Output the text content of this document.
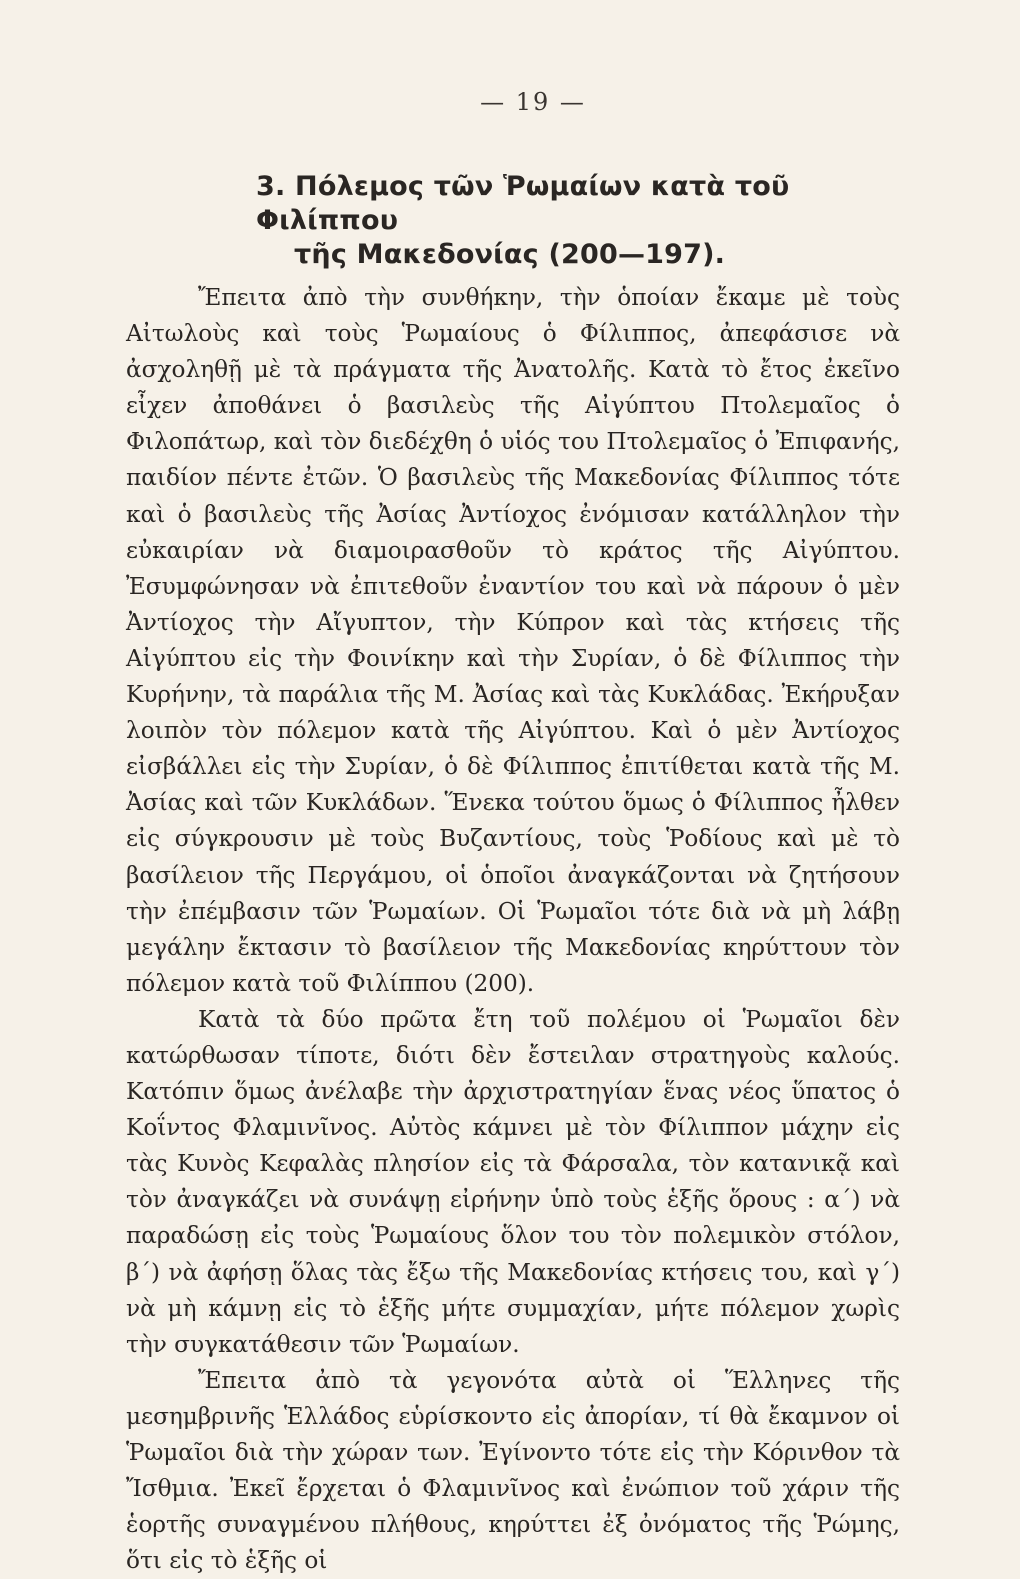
— 19 —
3. Πόλεμος τῶν Ῥωμαίων κατὰ τοῦ Φιλίππου
τῆς Μακεδονίας (200—197).

Ἔπειτα ἀπὸ τὴν συνθήκην, τὴν ὁποίαν ἔκαμε μὲ τοὺς Αἰτωλοὺς καὶ τοὺς Ῥωμαίους ὁ Φίλιππος, ἀπεφάσισε νὰ ἀσχοληθῇ μὲ τὰ πράγματα τῆς Ἀνατολῆς. Κατὰ τὸ ἔτος ἐκεῖνο εἶχεν ἀποθάνει ὁ βασιλεὺς τῆς Αἰγύπτου Πτολεμαῖος ὁ Φιλοπάτωρ, καὶ τὸν διεδέχθη ὁ υἱός του Πτολεμαῖος ὁ Ἐπιφανής, παιδίον πέντε ἐτῶν. Ὁ βασιλεὺς τῆς Μακεδονίας Φίλιππος τότε καὶ ὁ βασιλεὺς τῆς Ἀσίας Ἀντίοχος ἐνόμισαν κατάλληλον τὴν εὐκαιρίαν νὰ διαμοιρασθοῦν τὸ κράτος τῆς Αἰγύπτου. Ἐσυμφώνησαν νὰ ἐπιτεθοῦν ἐναντίον του καὶ νὰ πάρουν ὁ μὲν Ἀντίοχος τὴν Αἴγυπτον, τὴν Κύπρον καὶ τὰς κτήσεις τῆς Αἰγύπτου εἰς τὴν Φοινίκην καὶ τὴν Συρίαν, ὁ δὲ Φίλιππος τὴν Κυρήνην, τὰ παράλια τῆς Μ. Ἀσίας καὶ τὰς Κυκλάδας. Ἐκήρυξαν λοιπὸν τὸν πόλεμον κατὰ τῆς Αἰγύπτου. Καὶ ὁ μὲν Ἀντίοχος εἰσβάλλει εἰς τὴν Συρίαν, ὁ δὲ Φίλιππος ἐπιτίθεται κατὰ τῆς Μ. Ἀσίας καὶ τῶν Κυκλάδων. Ἕνεκα τούτου ὅμως ὁ Φίλιππος ἦλθεν εἰς σύγκρουσιν μὲ τοὺς Βυζαντίους, τοὺς Ῥοδίους καὶ μὲ τὸ βασίλειον τῆς Περγάμου, οἱ ὁποῖοι ἀναγκάζονται νὰ ζητήσουν τὴν ἐπέμβασιν τῶν Ῥωμαίων. Οἱ Ῥωμαῖοι τότε διὰ νὰ μὴ λάβῃ μεγάλην ἔκτασιν τὸ βασίλειον τῆς Μακεδονίας κηρύττουν τὸν πόλεμον κατὰ τοῦ Φιλίππου (200).

Κατὰ τὰ δύο πρῶτα ἔτη τοῦ πολέμου οἱ Ῥωμαῖοι δὲν κατώρθωσαν τίποτε, διότι δὲν ἔστειλαν στρατηγοὺς καλούς. Κατόπιν ὅμως ἀνέλαβε τὴν ἀρχιστρατηγίαν ἕνας νέος ὕπατος ὁ Κοΐντος Φλαμινῖνος. Αὐτὸς κάμνει μὲ τὸν Φίλιππον μάχην εἰς τὰς Κυνὸς Κεφαλὰς πλησίον εἰς τὰ Φάρσαλα, τὸν κατανικᾷ καὶ τὸν ἀναγκάζει νὰ συνάψῃ εἰρήνην ὑπὸ τοὺς ἑξῆς ὅρους : α΄) νὰ παραδώσῃ εἰς τοὺς Ῥωμαίους ὅλον του τὸν πολεμικὸν στόλον, β΄) νὰ ἀφήσῃ ὅλας τὰς ἔξω τῆς Μακεδονίας κτήσεις του, καὶ γ΄) νὰ μὴ κάμνῃ εἰς τὸ ἑξῆς μήτε συμμαχίαν, μήτε πόλεμον χωρὶς τὴν συγκατάθεσιν τῶν Ῥωμαίων.

Ἔπειτα ἀπὸ τὰ γεγονότα αὐτὰ οἱ Ἕλληνες τῆς μεσημβρινῆς Ἑλλάδος εὑρίσκοντο εἰς ἀπορίαν, τί θὰ ἔκαμνον οἱ Ῥωμαῖοι διὰ τὴν χώραν των. Ἐγίνοντο τότε εἰς τὴν Κόρινθον τὰ Ἴσθμια. Ἐκεῖ ἔρχεται ὁ Φλαμινῖνος καὶ ἐνώπιον τοῦ χάριν τῆς ἑορτῆς συναγμένου πλήθους, κηρύττει ἐξ ὀνόματος τῆς Ῥώμης, ὅτι εἰς τὸ ἑξῆς οἱ
